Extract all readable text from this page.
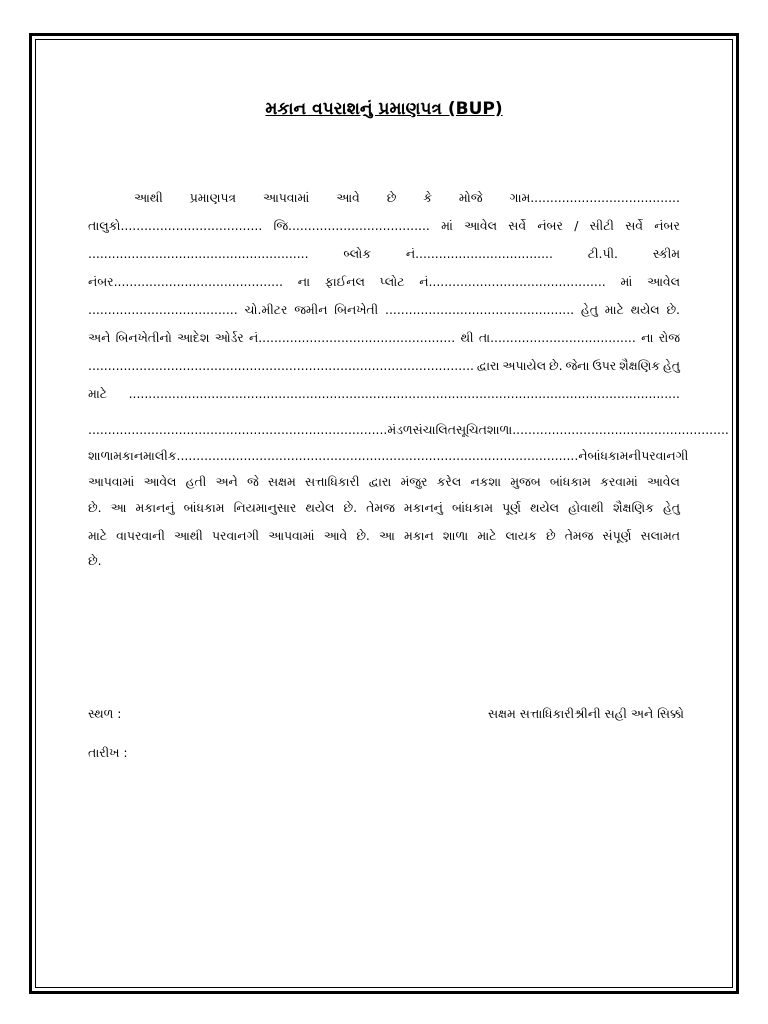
મકાન વપરાશનું પ્રમાણપત્ર (BUP)
આથી પ્રમાણપત્ર આપવામાં આવે છે કે મોજે ગામ......................................
તાલુકો.................................... જિ.................................... માં આવેલ સર્વે નંબર / સીટી સર્વે નંબર
........................................................	બ્લોક	નં...................................	ટી.પી.	સ્કીમ
નંબર........................................... ના ફાઈનલ પ્લોટ નં............................................. માં આવેલ
...................................... ચો.મીટર જમીન બિનખેતી ................................................ હેતુ માટે થયેલ છે.
અને બિનખેતીનો આદેશ ઓર્ડર નં.................................................. થી તા..................................... ના રોજ
.................................................................................................. દ્વારા અપાયેલ છે. જેના ઉપર શૈક્ષણિક હેતુ
માટે ............................................................................................................................................
............................................................................ મંડળ સંચાલિત સૂચિત શાળા.......................................................
શાળા મકાન માલીક ...................................................................................................... ને બાંધકામની પરવાનગી
આપવામાં આવેલ હતી અને જે સક્ષમ સત્તાધિકારી દ્વારા મંજુર કરેલ નકશા મુજબ બાંધકામ કરવામાં આવેલ
છે. આ મકાનનું બાંધકામ નિયમાનુસાર થયેલ છે. તેમજ મકાનનું બાંધકામ પૂર્ણ થયેલ હોવાથી શૈક્ષણિક હેતુ
માટે વાપરવાની આથી પરવાનગી આપવામાં આવે છે. આ મકાન શાળા માટે લાયક છે તેમજ સંપૂર્ણ સલામત
છે.
સ્થળ :	સક્ષમ સત્તાધિકારીશ્રીની સહી અને સિક્કો
તારીખ :
